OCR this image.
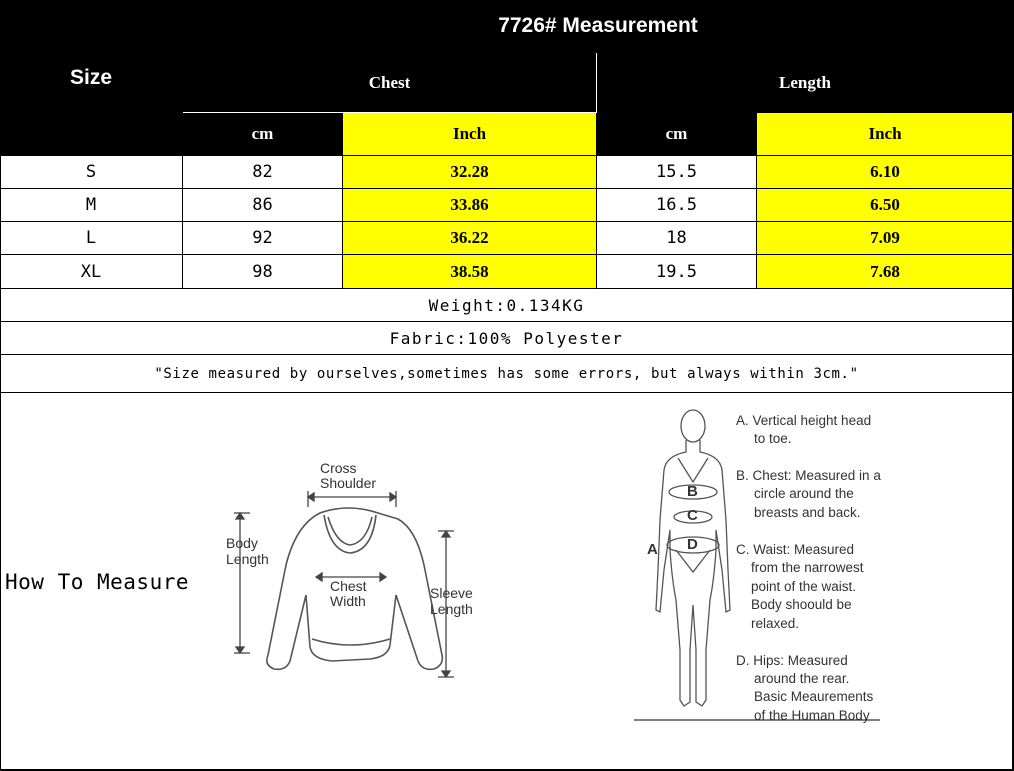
Size
7726# Measurement
Chest	Length
cm	Inch	cm	Inch
S	82	32.28	15.5	6.10
M	86	33.86	16.5	6.50
L	92	36.22	18	7.09
XL	98	38.58	19.5	7.68
Weight:0.134KG
Fabric:100% Polyester
"Size measured by ourselves,sometimes has some errors, but always within 3cm."
How To Measure
Cross
Shoulder
Body
Length
Chest
Width	Sleeve
Length
A
B
C
D
A. Vertical height head
to toe.
B. Chest: Measured in a
circle around the
breasts and back.
C. Waist: Measured
from the narrowest
point of the waist.
Body shoould be
relaxed.
D. Hips: Measured
around the rear.
Basic Meaurements
of the Human Body
